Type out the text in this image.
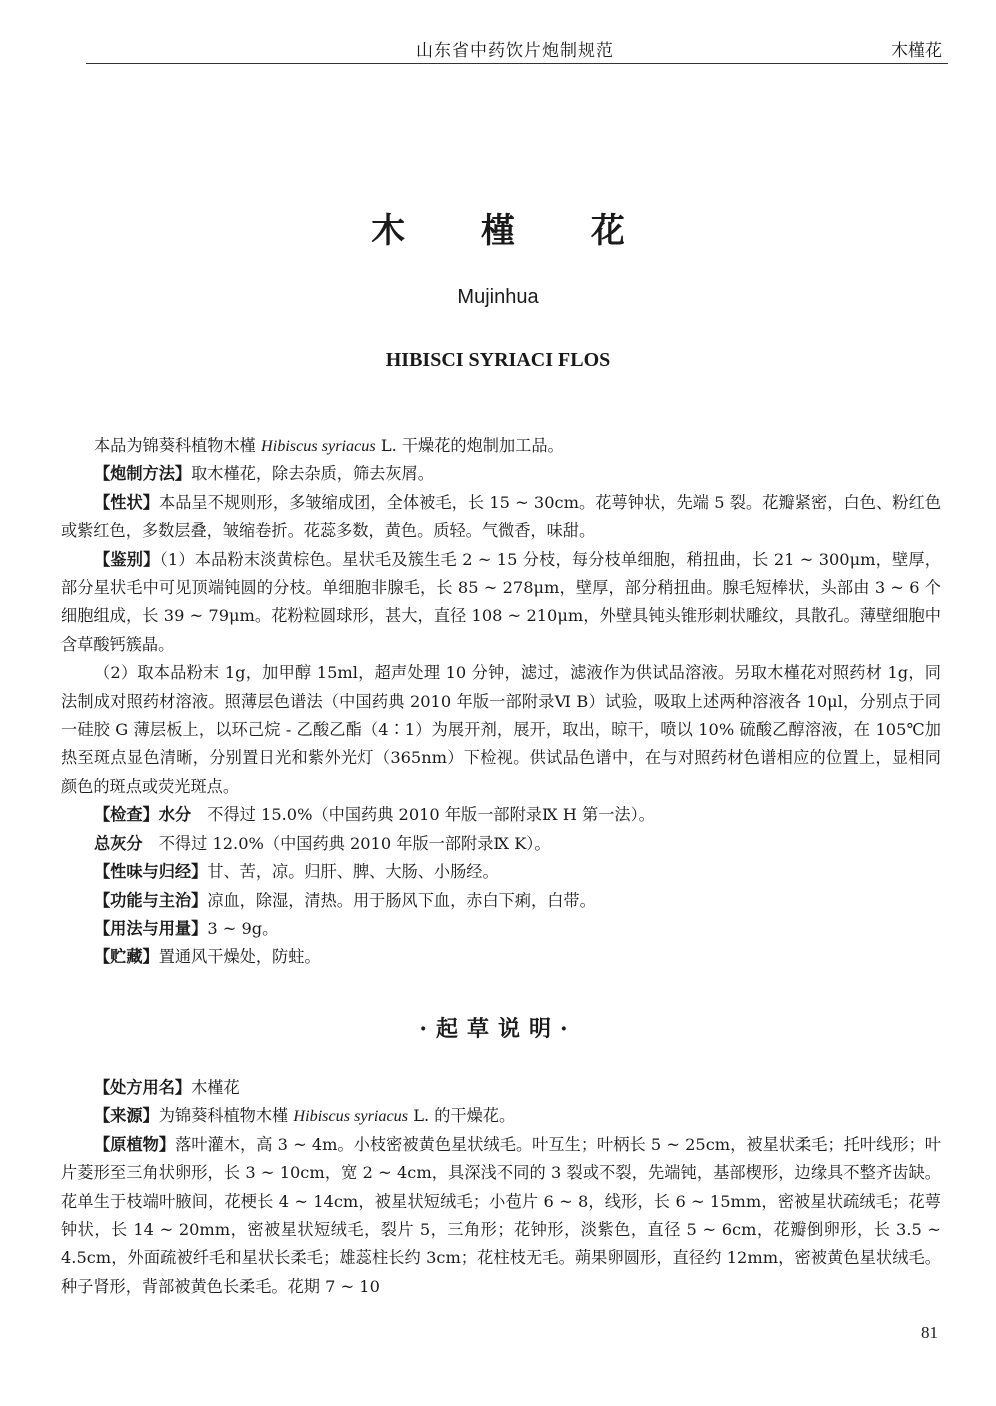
山东省中药饮片炮制规范	木槿花
木 槿 花
Mujinhua
HIBISCI SYRIACI FLOS

本品为锦葵科植物木槿 Hibiscus syriacus L. 干燥花的炮制加工品。

【炮制方法】取木槿花，除去杂质，筛去灰屑。

【性状】本品呈不规则形，多皱缩成团，全体被毛，长 15 ~ 30cm。花萼钟状，先端 5 裂。花瓣紧密，白色、粉红色或紫红色，多数层叠，皱缩卷折。花蕊多数，黄色。质轻。气微香，味甜。

【鉴别】（1）本品粉末淡黄棕色。星状毛及簇生毛 2 ~ 15 分枝，每分枝单细胞，稍扭曲，长 21 ~ 300μm，壁厚，部分星状毛中可见顶端钝圆的分枝。单细胞非腺毛，长 85 ~ 278μm，壁厚，部分稍扭曲。腺毛短棒状，头部由 3 ~ 6 个细胞组成，长 39 ~ 79μm。花粉粒圆球形，甚大，直径 108 ~ 210μm，外壁具钝头锥形刺状雕纹，具散孔。薄壁细胞中含草酸钙簇晶。

（2）取本品粉末 1g，加甲醇 15ml，超声处理 10 分钟，滤过，滤液作为供试品溶液。另取木槿花对照药材 1g，同法制成对照药材溶液。照薄层色谱法（中国药典 2010 年版一部附录Ⅵ B）试验，吸取上述两种溶液各 10μl，分别点于同一硅胶 G 薄层板上，以环己烷 - 乙酸乙酯（4∶1）为展开剂，展开，取出，晾干，喷以 10% 硫酸乙醇溶液，在 105℃加热至斑点显色清晰，分别置日光和紫外光灯（365nm）下检视。供试品色谱中，在与对照药材色谱相应的位置上，显相同颜色的斑点或荧光斑点。

【检查】水分　不得过 15.0%（中国药典 2010 年版一部附录Ⅸ H 第一法）。

总灰分　不得过 12.0%（中国药典 2010 年版一部附录Ⅸ K）。

【性味与归经】甘、苦，凉。归肝、脾、大肠、小肠经。

【功能与主治】凉血，除湿，清热。用于肠风下血，赤白下痢，白带。

【用法与用量】3 ~ 9g。

【贮藏】置通风干燥处，防蛀。

·起草说明·

【处方用名】木槿花

【来源】为锦葵科植物木槿 Hibiscus syriacus L. 的干燥花。

【原植物】落叶灌木，高 3 ~ 4m。小枝密被黄色星状绒毛。叶互生；叶柄长 5 ~ 25cm，被星状柔毛；托叶线形；叶片菱形至三角状卵形，长 3 ~ 10cm，宽 2 ~ 4cm，具深浅不同的 3 裂或不裂，先端钝，基部楔形，边缘具不整齐齿缺。花单生于枝端叶腋间，花梗长 4 ~ 14cm，被星状短绒毛；小苞片 6 ~ 8，线形，长 6 ~ 15mm，密被星状疏绒毛；花萼钟状，长 14 ~ 20mm，密被星状短绒毛，裂片 5，三角形；花钟形，淡紫色，直径 5 ~ 6cm，花瓣倒卵形，长 3.5 ~ 4.5cm，外面疏被纤毛和星状长柔毛；雄蕊柱长约 3cm；花柱枝无毛。蒴果卵圆形，直径约 12mm，密被黄色星状绒毛。种子肾形，背部被黄色长柔毛。花期 7 ~ 10

81
